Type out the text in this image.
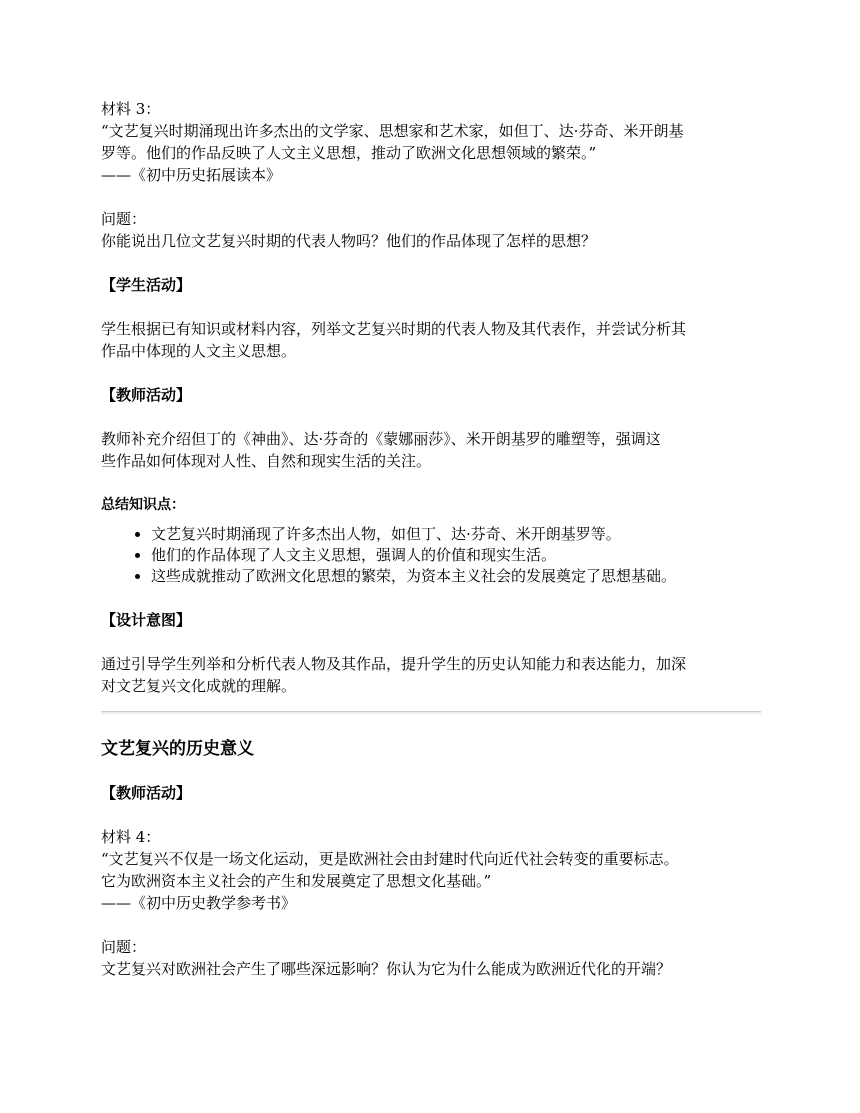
材料 3：

“文艺复兴时期涌现出许多杰出的文学家、思想家和艺术家，如但丁、达·芬奇、米开朗基

罗等。他们的作品反映了人文主义思想，推动了欧洲文化思想领域的繁荣。”

——《初中历史拓展读本》

问题：

你能说出几位文艺复兴时期的代表人物吗？他们的作品体现了怎样的思想？

【学生活动】

学生根据已有知识或材料内容，列举文艺复兴时期的代表人物及其代表作，并尝试分析其

作品中体现的人文主义思想。

【教师活动】

教师补充介绍但丁的《神曲》、达·芬奇的《蒙娜丽莎》、米开朗基罗的雕塑等，强调这

些作品如何体现对人性、自然和现实生活的关注。

总结知识点：

• 文艺复兴时期涌现了许多杰出人物，如但丁、达·芬奇、米开朗基罗等。
• 他们的作品体现了人文主义思想，强调人的价值和现实生活。
• 这些成就推动了欧洲文化思想的繁荣，为资本主义社会的发展奠定了思想基础。

【设计意图】

通过引导学生列举和分析代表人物及其作品，提升学生的历史认知能力和表达能力，加深

对文艺复兴文化成就的理解。

文艺复兴的历史意义

【教师活动】

材料 4：

“文艺复兴不仅是一场文化运动，更是欧洲社会由封建时代向近代社会转变的重要标志。

它为欧洲资本主义社会的产生和发展奠定了思想文化基础。”

——《初中历史教学参考书》

问题：

文艺复兴对欧洲社会产生了哪些深远影响？你认为它为什么能成为欧洲近代化的开端？
